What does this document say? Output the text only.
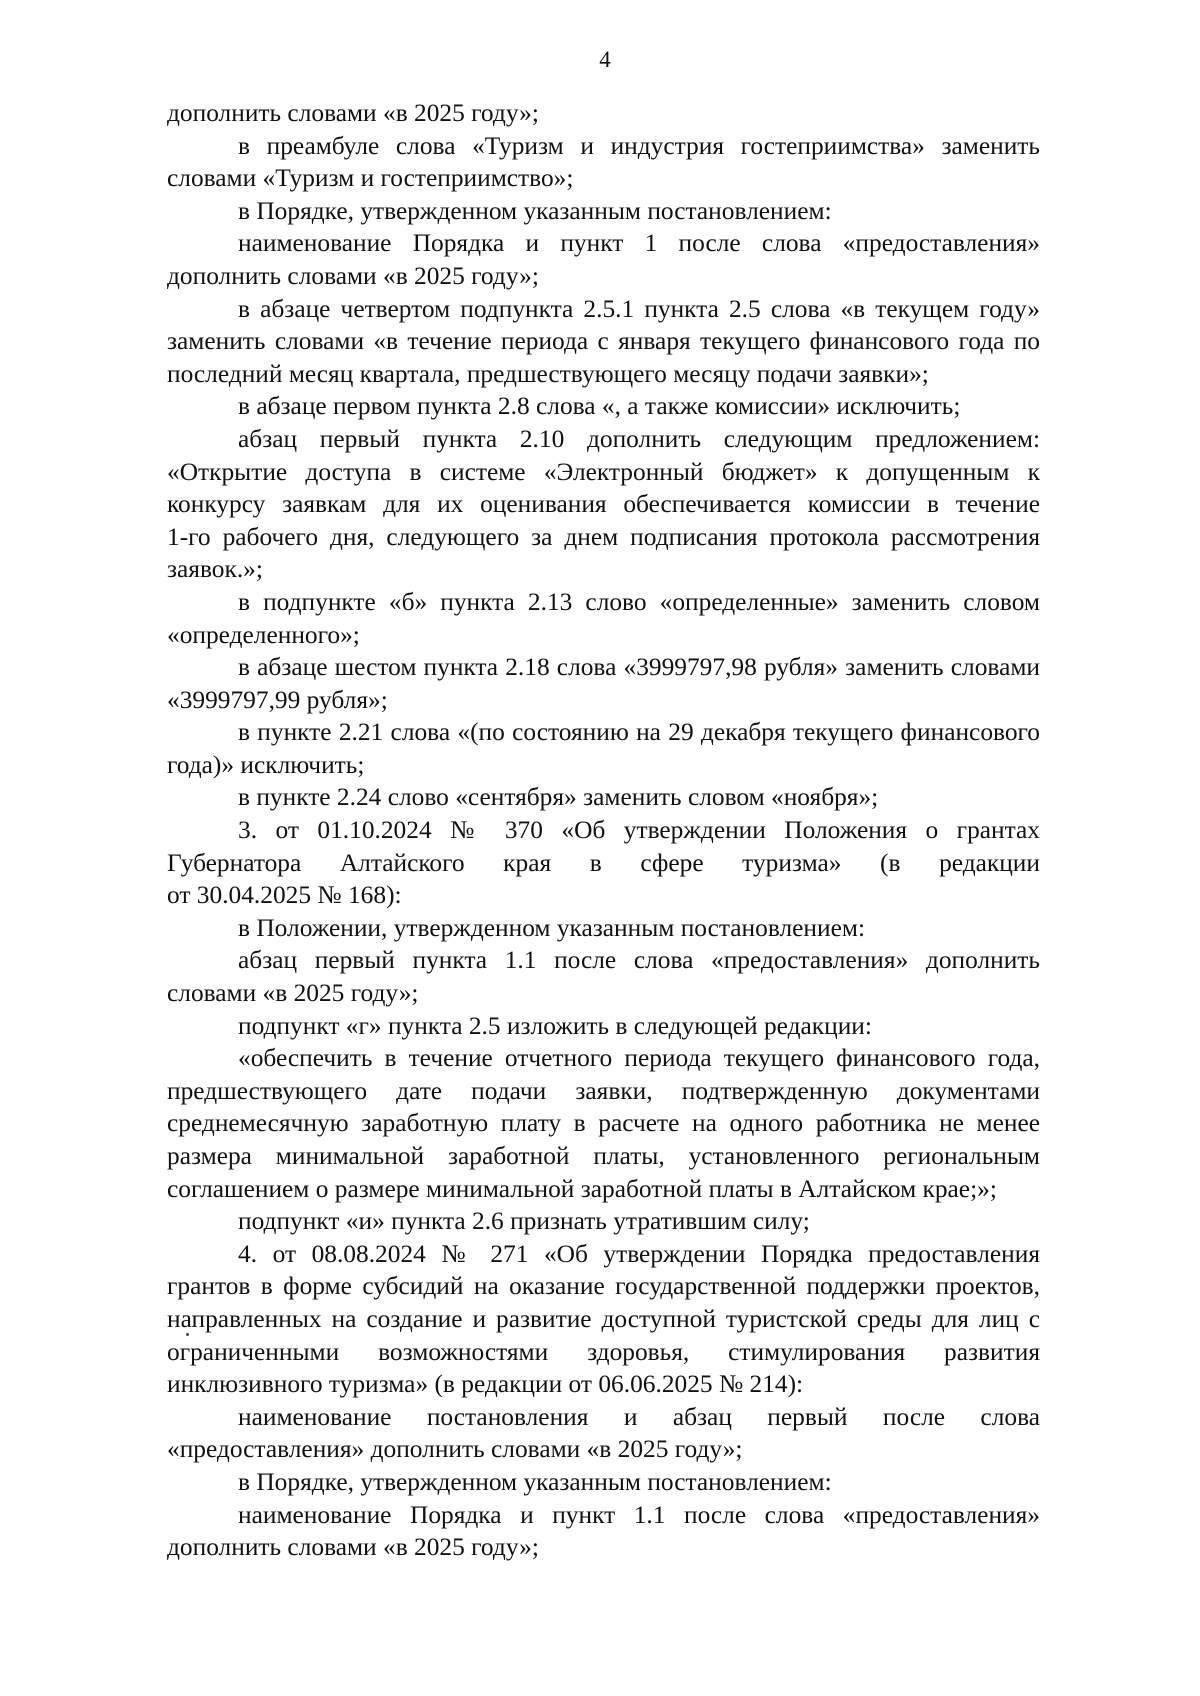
4
дополнить словами «в 2025 году»;
в преамбуле слова «Туризм и индустрия гостеприимства» заменить
словами «Туризм и гостеприимство»;
в Порядке, утвержденном указанным постановлением:
наименование Порядка и пункт 1 после слова «предоставления»
дополнить словами «в 2025 году»;
в абзаце четвертом подпункта 2.5.1 пункта 2.5 слова «в текущем году»
заменить словами «в течение периода с января текущего финансового года по
последний месяц квартала, предшествующего месяцу подачи заявки»;
в абзаце первом пункта 2.8 слова «, а также комиссии» исключить;
абзац первый пункта 2.10 дополнить следующим предложением:
«Открытие доступа в системе «Электронный бюджет» к допущенным к
конкурсу заявкам для их оценивания обеспечивается комиссии в течение
1-го рабочего дня, следующего за днем подписания протокола рассмотрения
заявок.»;
в подпункте «б» пункта 2.13 слово «определенные» заменить словом
«определенного»;
в абзаце шестом пункта 2.18 слова «3999797,98 рубля» заменить словами
«3999797,99 рубля»;
в пункте 2.21 слова «(по состоянию на 29 декабря текущего финансового
года)» исключить;
в пункте 2.24 слово «сентября» заменить словом «ноября»;
3. от 01.10.2024 № 370 «Об утверждении Положения о грантах
Губернатора Алтайского края в сфере туризма» (в редакции
от 30.04.2025 № 168):
в Положении, утвержденном указанным постановлением:
абзац первый пункта 1.1 после слова «предоставления» дополнить
словами «в 2025 году»;
подпункт «г» пункта 2.5 изложить в следующей редакции:
«обеспечить в течение отчетного периода текущего финансового года,
предшествующего дате подачи заявки, подтвержденную документами
среднемесячную заработную плату в расчете на одного работника не менее
размера минимальной заработной платы, установленного региональным
соглашением о размере минимальной заработной платы в Алтайском крае;»;
подпункт «и» пункта 2.6 признать утратившим силу;
4. от 08.08.2024 № 271 «Об утверждении Порядка предоставления
грантов в форме субсидий на оказание государственной поддержки проектов,
направленных на создание и развитие доступной туристской среды для лиц с
ограниченными возможностями здоровья, стимулирования развития
инклюзивного туризма» (в редакции от 06.06.2025 № 214):
наименование постановления и абзац первый после слова
«предоставления» дополнить словами «в 2025 году»;
в Порядке, утвержденном указанным постановлением:
наименование Порядка и пункт 1.1 после слова «предоставления»
дополнить словами «в 2025 году»;
